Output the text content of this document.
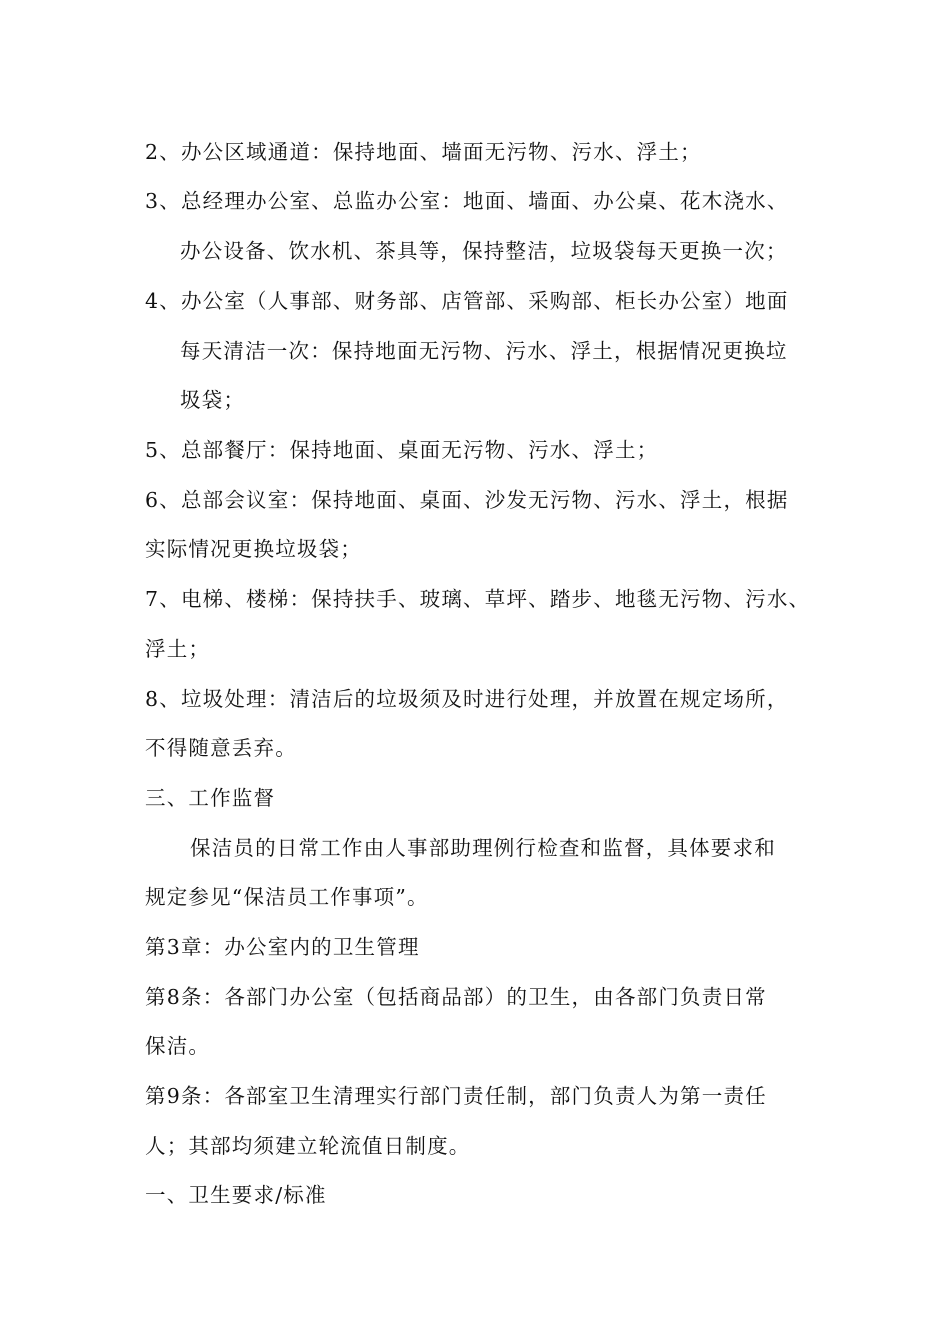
2、办公区域通道：保持地面、墙面无污物、污水、浮土；
3、总经理办公室、总监办公室：地面、墙面、办公桌、花木浇水、
办公设备、饮水机、茶具等，保持整洁，垃圾袋每天更换一次；
4、办公室（人事部、财务部、店管部、采购部、柜长办公室）地面
每天清洁一次：保持地面无污物、污水、浮土，根据情况更换垃
圾袋；
5、总部餐厅：保持地面、桌面无污物、污水、浮土；
6、总部会议室：保持地面、桌面、沙发无污物、污水、浮土，根据
实际情况更换垃圾袋；
7、电梯、楼梯：保持扶手、玻璃、草坪、踏步、地毯无污物、污水、
浮土；
8、垃圾处理：清洁后的垃圾须及时进行处理，并放置在规定场所，
不得随意丢弃。
三、工作监督
保洁员的日常工作由人事部助理例行检查和监督，具体要求和
规定参见“保洁员工作事项”。
第3章：办公室内的卫生管理
第8条：各部门办公室（包括商品部）的卫生，由各部门负责日常
保洁。
第9条：各部室卫生清理实行部门责任制，部门负责人为第一责任
人；其部均须建立轮流值日制度。
一、卫生要求/标准
